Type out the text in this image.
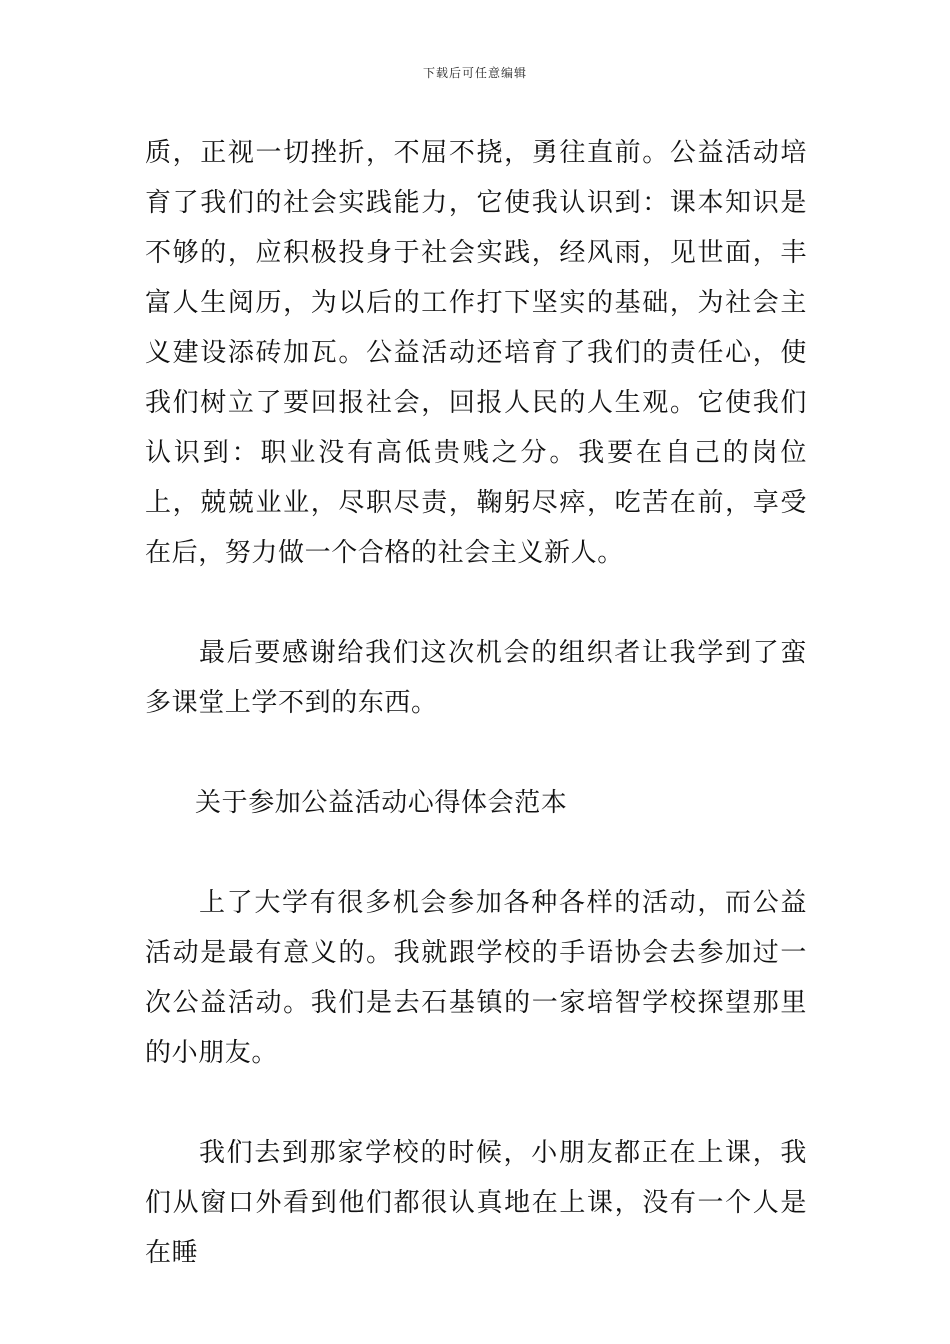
下载后可任意编辑

质，正视一切挫折，不屈不挠，勇往直前。公益活动培育了我们的社会实践能力，它使我认识到：课本知识是不够的，应积极投身于社会实践，经风雨，见世面，丰富人生阅历，为以后的工作打下坚实的基础，为社会主义建设添砖加瓦。公益活动还培育了我们的责任心，使我们树立了要回报社会，回报人民的人生观。它使我们认识到：职业没有高低贵贱之分。我要在自己的岗位上，兢兢业业，尽职尽责，鞠躬尽瘁，吃苦在前，享受在后，努力做一个合格的社会主义新人。

最后要感谢给我们这次机会的组织者让我学到了蛮多课堂上学不到的东西。

关于参加公益活动心得体会范本

上了大学有很多机会参加各种各样的活动，而公益活动是最有意义的。我就跟学校的手语协会去参加过一次公益活动。我们是去石基镇的一家培智学校探望那里的小朋友。

我们去到那家学校的时候，小朋友都正在上课，我们从窗口外看到他们都很认真地在上课，没有一个人是在睡
